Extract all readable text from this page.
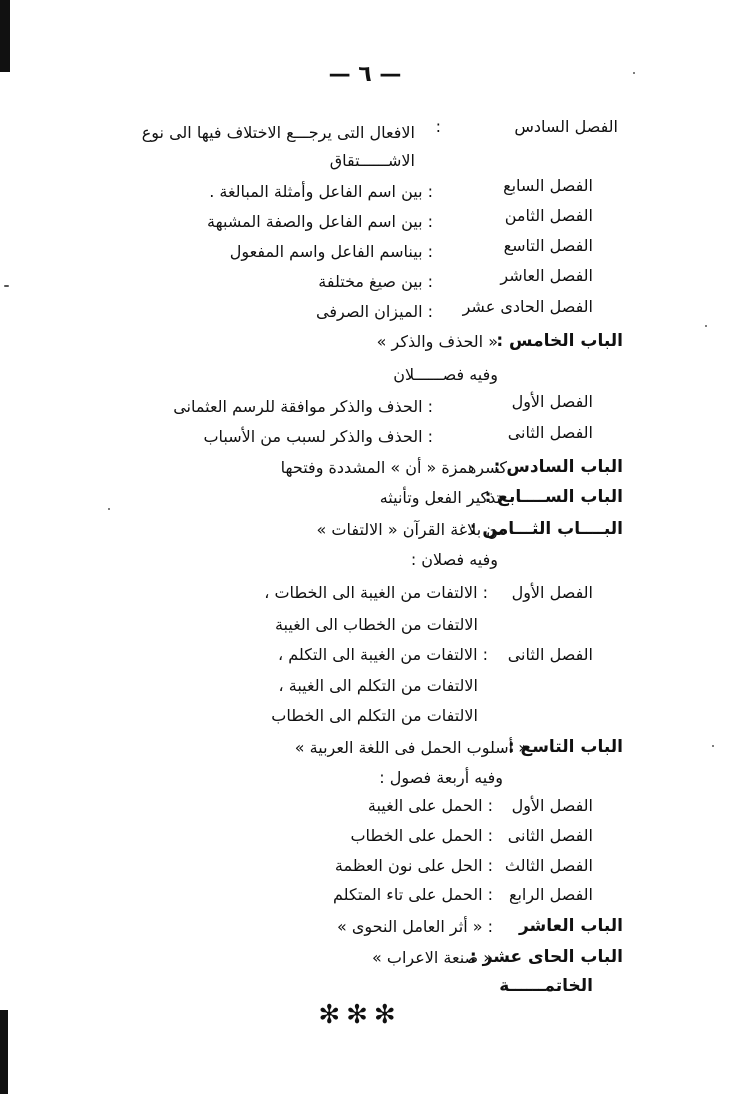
— ٦ —
الفصل السادس
:
الافعال التى يرجـــع الاختلاف فيها الى نوع
الاشــــــتقاق
الفصل السابع
: بين اسم الفاعل وأمثلة المبالغة .
الفصل الثامن
: بين اسم الفاعل والصفة المشبهة
الفصل التاسع
: بيناسم الفاعل واسم المفعول
الفصل العاشر
: بين صيغ مختلفة
الفصل الحادى عشر
: الميزان الصرفى
الباب الخامس :
« الحذف والذكر »
وفيه فصــــــلان
الفصل الأول
: الحذف والذكر موافقة للرسم العثمانى
الفصل الثانى
: الحذف والذكر لسبب من الأسباب
الباب السادس :
كسرهمزة « أن » المشددة وفتحها
الباب الســــابع :
تذكير الفعل وتأنيثه
البــــاب الثـــامن :
من بلاغة القرآن « الالتفات »
وفيه فصلان :
الفصل الأول
: الالتفات من الغيبة الى الخطات ،
الالتفات من الخطاب الى الغيبة
الفصل الثانى
: الالتفات من الغيبة الى التكلم ،
الالتفات من التكلم الى الغيبة ،
الالتفات من التكلم الى الخطاب
الباب التاسع :
« أسلوب الحمل فى اللغة العربية »
وفيه أربعة فصول :
الفصل الأول
: الحمل على الغيبة
الفصل الثانى
: الحمل على الخطاب
الفصل الثالث
: الحل على نون العظمة
الفصل الرابع
: الحمل على تاء المتكلم
الباب العاشر
: « أثر العامل النحوى »
الباب الحاى عشر :
« صنعة الاعراب »
الخاتمــــــة
✻✻✻
